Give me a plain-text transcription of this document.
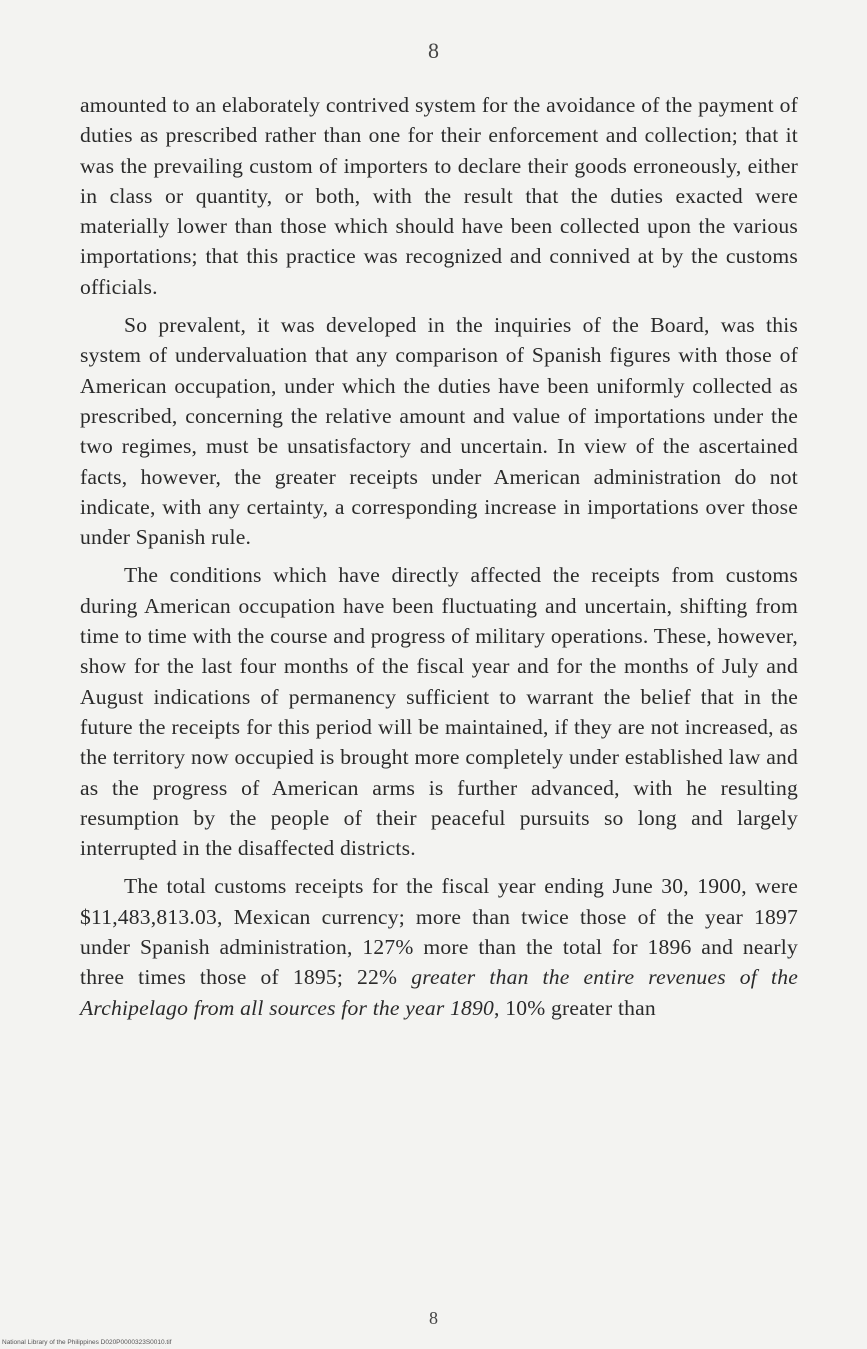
8

amounted to an elaborately contrived system for the avoidance of the payment of duties as prescribed rather than one for their enforcement and collection; that it was the prevailing custom of importers to declare their goods erroneously, either in class or quantity, or both, with the result that the duties exacted were materially lower than those which should have been collected upon the various importations; that this practice was recognized and connived at by the customs officials.

So prevalent, it was developed in the inquiries of the Board, was this system of undervaluation that any comparison of Spanish figures with those of American occupation, under which the duties have been uniformly collected as prescribed, concerning the relative amount and value of importations under the two regimes, must be unsatisfactory and uncertain. In view of the ascertained facts, however, the greater receipts under American administration do not indicate, with any certainty, a corresponding increase in importations over those under Spanish rule.

The conditions which have directly affected the receipts from customs during American occupation have been fluctuating and uncertain, shifting from time to time with the course and progress of military operations. These, however, show for the last four months of the fiscal year and for the months of July and August indications of permanency sufficient to warrant the belief that in the future the receipts for this period will be maintained, if they are not increased, as the territory now occupied is brought more completely under established law and as the progress of American arms is further advanced, with he resulting resumption by the people of their peaceful pursuits so long and largely interrupted in the disaffected districts.

The total customs receipts for the fiscal year ending June 30, 1900, were $11,483,813.03, Mexican currency; more than twice those of the year 1897 under Spanish administration, 127% more than the total for 1896 and nearly three times those of 1895; 22% greater than the entire revenues of the Archipelago from all sources for the year 1890, 10% greater than

8
National Library of the Philippines D020P0000323S0010.tif
